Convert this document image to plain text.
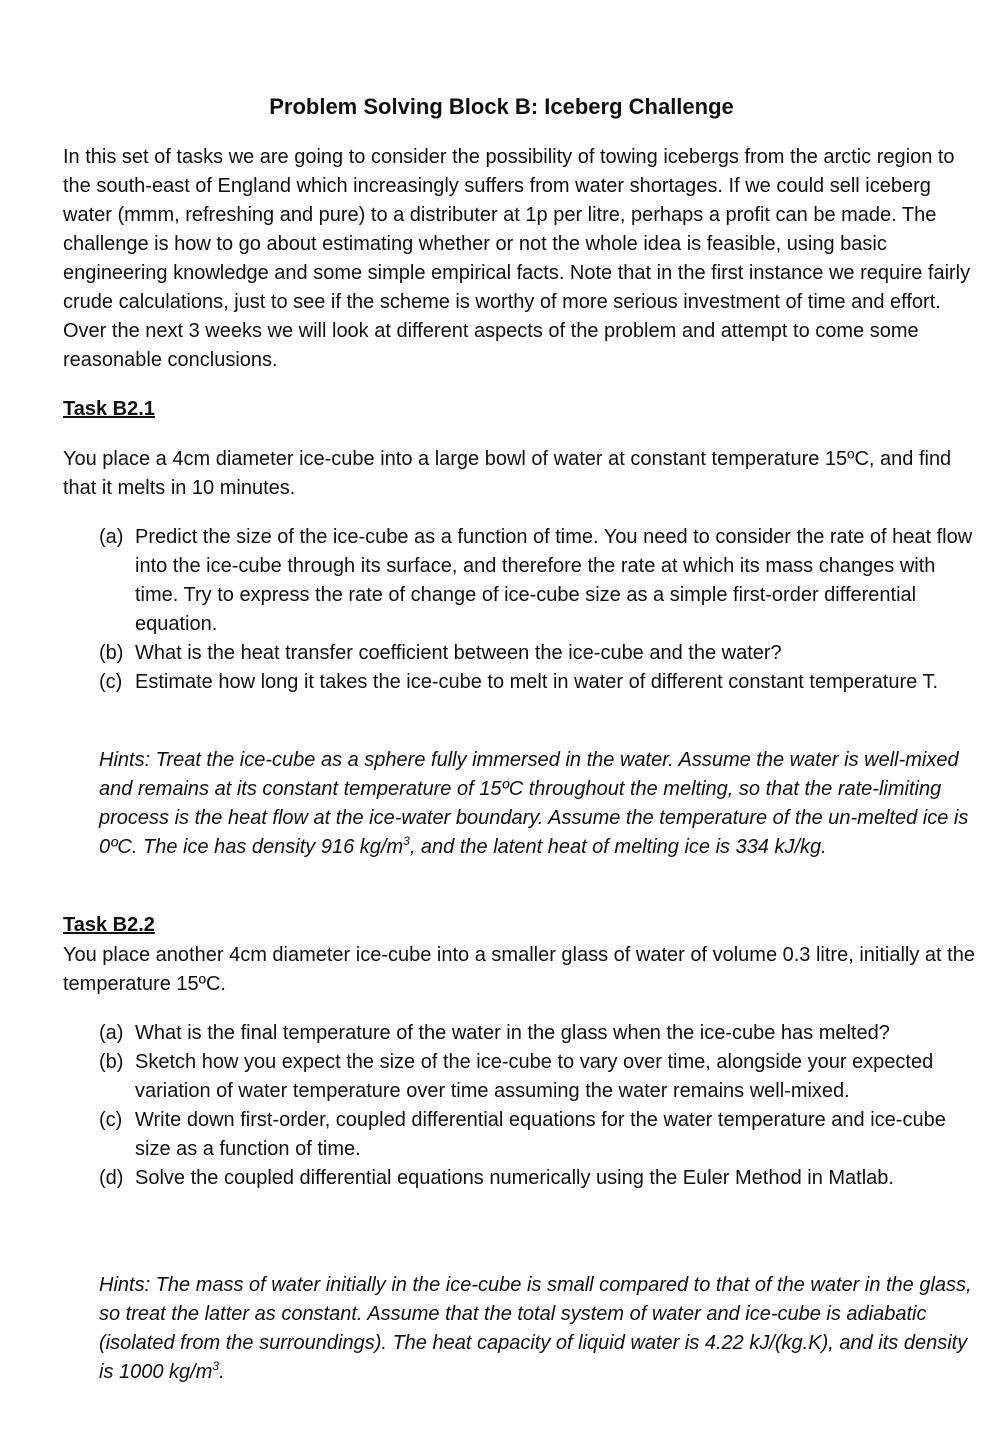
Problem Solving Block B: Iceberg Challenge

In this set of tasks we are going to consider the possibility of towing icebergs from the arctic region to the south-east of England which increasingly suffers from water shortages. If we could sell iceberg water (mmm, refreshing and pure) to a distributer at 1p per litre, perhaps a profit can be made. The challenge is how to go about estimating whether or not the whole idea is feasible, using basic engineering knowledge and some simple empirical facts. Note that in the first instance we require fairly crude calculations, just to see if the scheme is worthy of more serious investment of time and effort. Over the next 3 weeks we will look at different aspects of the problem and attempt to come some reasonable conclusions.

Task B2.1

You place a 4cm diameter ice-cube into a large bowl of water at constant temperature 15ºC, and find that it melts in 10 minutes.

(a) Predict the size of the ice-cube as a function of time. You need to consider the rate of heat flow into the ice-cube through its surface, and therefore the rate at which its mass changes with time. Try to express the rate of change of ice-cube size as a simple first-order differential equation.
(b) What is the heat transfer coefficient between the ice-cube and the water?
(c) Estimate how long it takes the ice-cube to melt in water of different constant temperature T.

Hints: Treat the ice-cube as a sphere fully immersed in the water. Assume the water is well-mixed and remains at its constant temperature of 15ºC throughout the melting, so that the rate-limiting process is the heat flow at the ice-water boundary. Assume the temperature of the un-melted ice is 0ºC. The ice has density 916 $kg/m^3$, and the latent heat of melting ice is 334 kJ/kg.

Task B2.2

You place another 4cm diameter ice-cube into a smaller glass of water of volume 0.3 litre, initially at the temperature 15ºC.

(a) What is the final temperature of the water in the glass when the ice-cube has melted?
(b) Sketch how you expect the size of the ice-cube to vary over time, alongside your expected variation of water temperature over time assuming the water remains well-mixed.
(c) Write down first-order, coupled differential equations for the water temperature and ice-cube size as a function of time.
(d) Solve the coupled differential equations numerically using the Euler Method in Matlab.

Hints: The mass of water initially in the ice-cube is small compared to that of the water in the glass, so treat the latter as constant. Assume that the total system of water and ice-cube is adiabatic (isolated from the surroundings). The heat capacity of liquid water is 4.22 kJ/(kg.K), and its density is 1000 $kg/m^3$.
